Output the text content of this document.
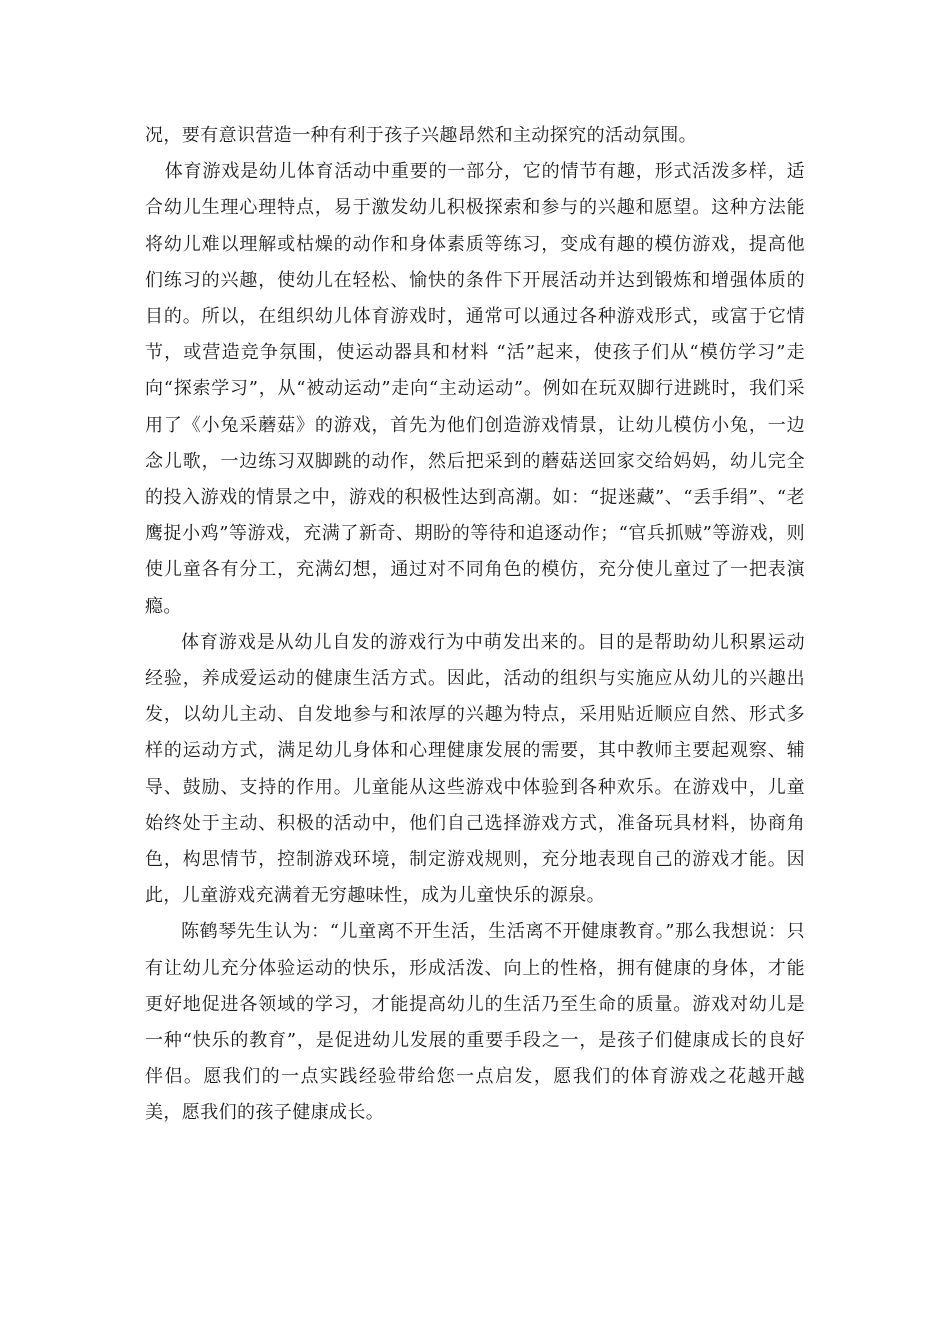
况，要有意识营造一种有利于孩子兴趣昂然和主动探究的活动氛围。

体育游戏是幼儿体育活动中重要的一部分，它的情节有趣，形式活泼多样，适合幼儿生理心理特点，易于激发幼儿积极探索和参与的兴趣和愿望。这种方法能将幼儿难以理解或枯燥的动作和身体素质等练习，变成有趣的模仿游戏，提高他们练习的兴趣，使幼儿在轻松、愉快的条件下开展活动并达到锻炼和增强体质的目的。所以，在组织幼儿体育游戏时，通常可以通过各种游戏形式，或富于它情节，或营造竞争氛围，使运动器具和材料 “活”起来，使孩子们从“模仿学习”走向“探索学习”，从“被动运动”走向“主动运动”。例如在玩双脚行进跳时，我们采用了《小兔采蘑菇》的游戏，首先为他们创造游戏情景，让幼儿模仿小兔，一边念儿歌，一边练习双脚跳的动作，然后把采到的蘑菇送回家交给妈妈，幼儿完全的投入游戏的情景之中，游戏的积极性达到高潮。如：“捉迷藏”、“丢手绢”、“老鹰捉小鸡”等游戏，充满了新奇、期盼的等待和追逐动作；“官兵抓贼”等游戏，则使儿童各有分工，充满幻想，通过对不同角色的模仿，充分使儿童过了一把表演瘾。

体育游戏是从幼儿自发的游戏行为中萌发出来的。目的是帮助幼儿积累运动经验，养成爱运动的健康生活方式。因此，活动的组织与实施应从幼儿的兴趣出发，以幼儿主动、自发地参与和浓厚的兴趣为特点，采用贴近顺应自然、形式多样的运动方式，满足幼儿身体和心理健康发展的需要，其中教师主要起观察、辅导、鼓励、支持的作用。儿童能从这些游戏中体验到各种欢乐。在游戏中，儿童始终处于主动、积极的活动中，他们自己选择游戏方式，准备玩具材料，协商角色，构思情节，控制游戏环境，制定游戏规则，充分地表现自己的游戏才能。因此，儿童游戏充满着无穷趣味性，成为儿童快乐的源泉。

陈鹤琴先生认为：“儿童离不开生活，生活离不开健康教育。”那么我想说：只有让幼儿充分体验运动的快乐，形成活泼、向上的性格，拥有健康的身体，才能更好地促进各领域的学习，才能提高幼儿的生活乃至生命的质量。游戏对幼儿是一种“快乐的教育”，是促进幼儿发展的重要手段之一，是孩子们健康成长的良好伴侣。愿我们的一点实践经验带给您一点启发，愿我们的体育游戏之花越开越美，愿我们的孩子健康成长。
